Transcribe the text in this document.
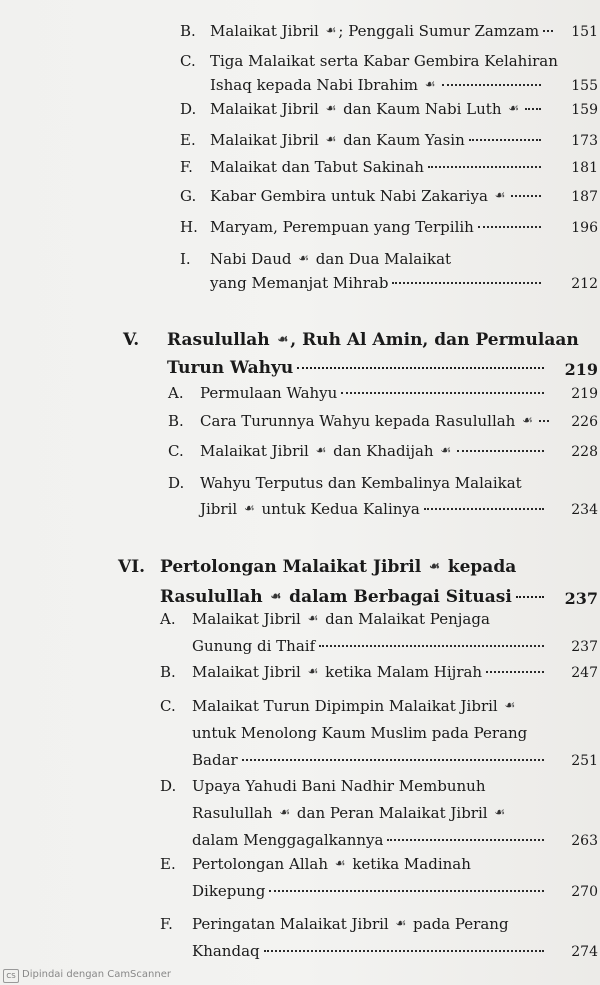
B. Malaikat Jibril ☙ ; Penggali Sumur Zamzam	151
C. Tiga Malaikat serta Kabar Gembira Kelahiran
Ishaq kepada Nabi Ibrahim ☙	155
D. Malaikat Jibril ☙ dan Kaum Nabi Luth ☙	159
E. Malaikat Jibril ☙ dan Kaum Yasin	173
F. Malaikat dan Tabut Sakinah	181
G. Kabar Gembira untuk Nabi Zakariya ☙	187
H. Maryam, Perempuan yang Terpilih	196
I. Nabi Daud ☙ dan Dua Malaikat
yang Memanjat Mihrab	212
V. Rasulullah ☙ , Ruh Al Amin, dan Permulaan
Turun Wahyu	219
A. Permulaan Wahyu	219
B. Cara Turunnya Wahyu kepada Rasulullah ☙	226
C. Malaikat Jibril ☙ dan Khadijah ☙	228
D. Wahyu Terputus dan Kembalinya Malaikat
Jibril ☙ untuk Kedua Kalinya	234
VI. Pertolongan Malaikat Jibril ☙ kepada
Rasulullah ☙ dalam Berbagai Situasi	237
A. Malaikat Jibril ☙ dan Malaikat Penjaga
Gunung di Thaif	237
B. Malaikat Jibril ☙ ketika Malam Hijrah	247
C. Malaikat Turun Dipimpin Malaikat Jibril ☙
untuk Menolong Kaum Muslim pada Perang
Badar	251
D. Upaya Yahudi Bani Nadhir Membunuh
Rasulullah ☙ dan Peran Malaikat Jibril ☙
dalam Menggagalkannya	263
E. Pertolongan Allah ☙ ketika Madinah
Dikepung	270
F. Peringatan Malaikat Jibril ☙ pada Perang
Khandaq	274
CS Dipindai dengan CamScanner
